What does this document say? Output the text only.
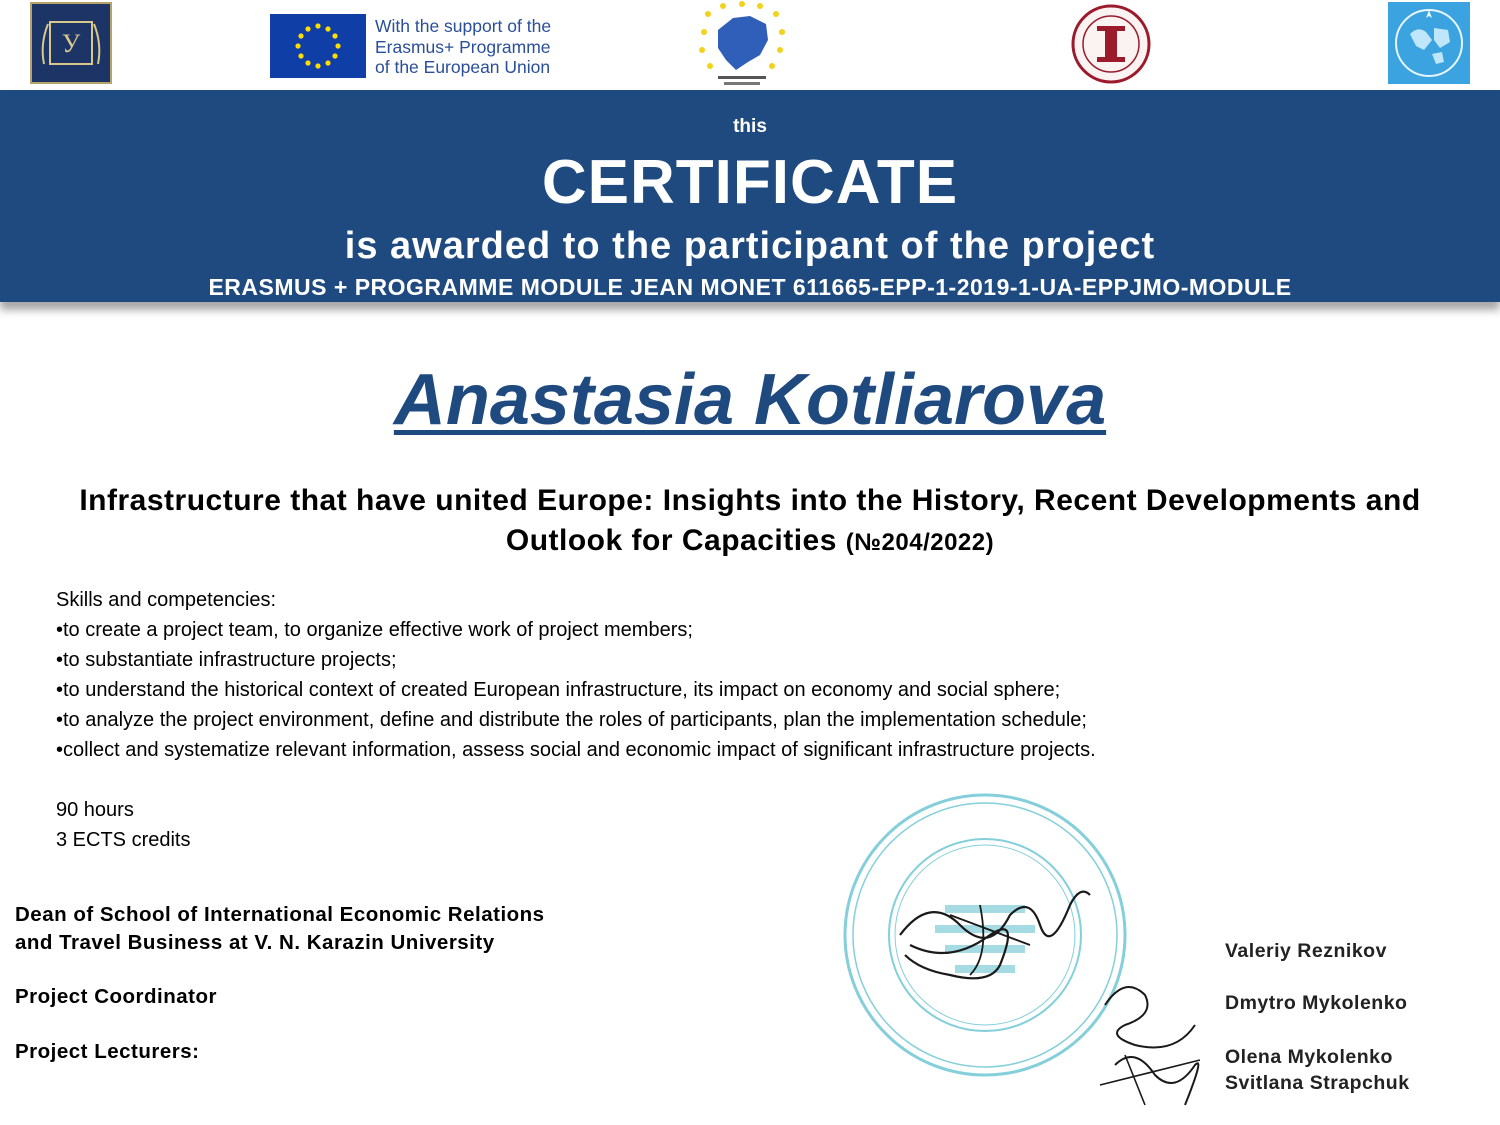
У
With the support of the
Erasmus+ Programme
of the European Union
this
CERTIFICATE
is awarded to the participant of the project
ERASMUS + PROGRAMME MODULE JEAN MONET 611665-EPP-1-2019-1-UA-EPPJMO-MODULE
Anastasia Kotliarova
Infrastructure that have united Europe: Insights into the History, Recent Developments and Outlook for Capacities (№204/2022)
Skills and competencies:
•to create a project team, to organize effective work of project members;
•to substantiate infrastructure projects;
•to understand the historical context of created European infrastructure, its impact on economy and social sphere;
•to analyze the project environment, define and distribute the roles of participants, plan the implementation schedule;
•collect and systematize relevant information, assess social and economic impact of significant infrastructure projects.
90 hours
3 ECTS credits
Dean of School of International Economic Relations
and Travel Business at V. N. Karazin University
Project Coordinator
Project Lecturers:
Valeriy Reznikov
Dmytro Mykolenko
Olena Mykolenko
Svitlana Strapchuk
